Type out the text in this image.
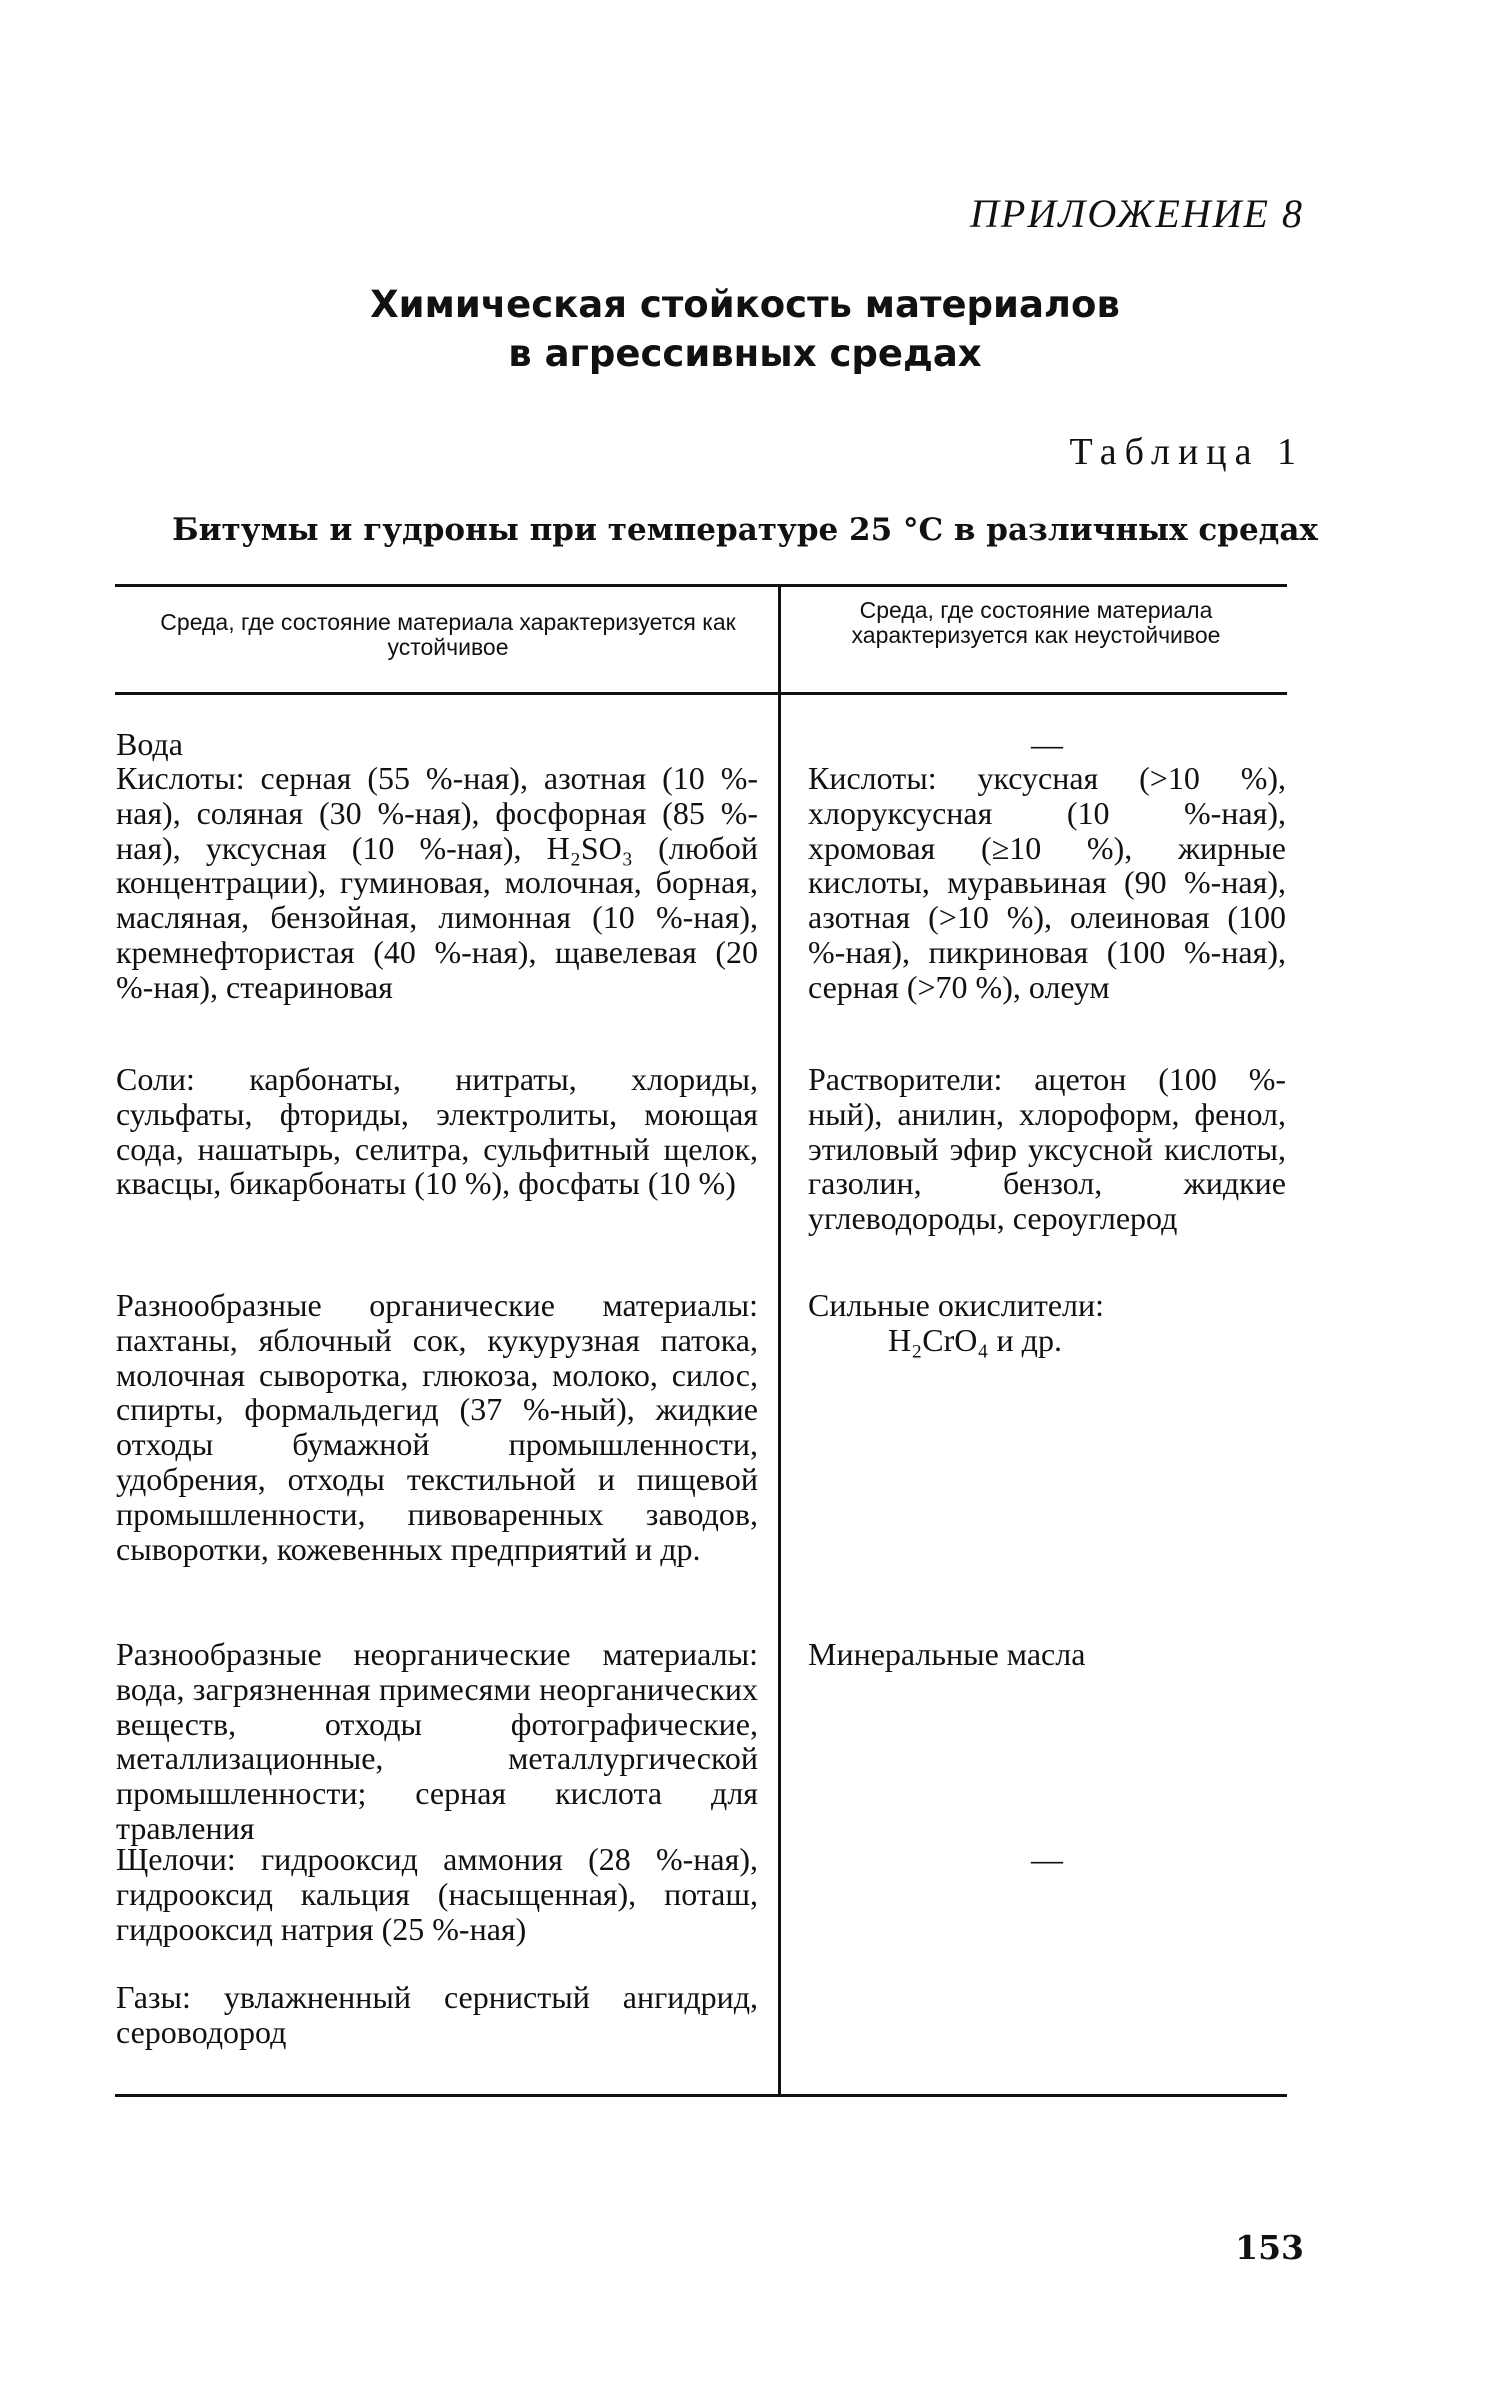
ПРИЛОЖЕНИЕ 8
Химическая стойкость материалов
в агрессивных средах
Таблица 1
Битумы и гудроны при температуре 25 °С в различных средах
Среда, где состояние материала характеризуется как устойчивое
Среда, где состояние материала характеризуется как неустойчивое

Вода

Кислоты: серная (55 %-ная), азотная (10 %-ная), соляная (30 %-ная), фосфорная (85 %-ная), уксусная (10 %-ная), H₂SO₃ (любой концентрации), гуминовая, молочная, борная, масляная, бензойная, лимонная (10 %-ная), кремнефтористая (40 %-ная), щавелевая (20 %-ная), стеариновая

Соли: карбонаты, нитраты, хлориды, сульфаты, фториды, электролиты, моющая сода, нашатырь, селитра, сульфитный щелок, квасцы, бикарбонаты (10 %), фосфаты (10 %)

Разнообразные органические материалы: пахтаны, яблочный сок, кукурузная патока, молочная сыворотка, глюкоза, молоко, силос, спирты, формальдегид (37 %-ный), жидкие отходы бумажной промышленности, удобрения, отходы текстильной и пищевой промышленности, пивоваренных заводов, сыворотки, кожевенных предприятий и др.

Разнообразные неорганические материалы: вода, загрязненная примесями неорганических веществ, отходы фотографические, металлизационные, металлургической промышленности; серная кислота для травления

Щелочи: гидрооксид аммония (28 %-ная), гидрооксид кальция (насыщенная), поташ, гидрооксид натрия (25 %-ная)

Газы: увлажненный сернистый ангидрид, сероводород

—

Кислоты: уксусная (>10 %), хлоруксусная (10 %-ная), хромовая (≥10 %), жирные кислоты, муравьиная (90 %-ная), азотная (>10 %), олеиновая (100 %-ная), пикриновая (100 %-ная), серная (>70 %), олеум

Растворители: ацетон (100 %-ный), анилин, хлороформ, фенол, этиловый эфир уксусной кислоты, газолин, бензол, жидкие углеводороды, сероуглерод

Сильные окислители:

H₂CrO₄ и др.

Минеральные масла

—

153
